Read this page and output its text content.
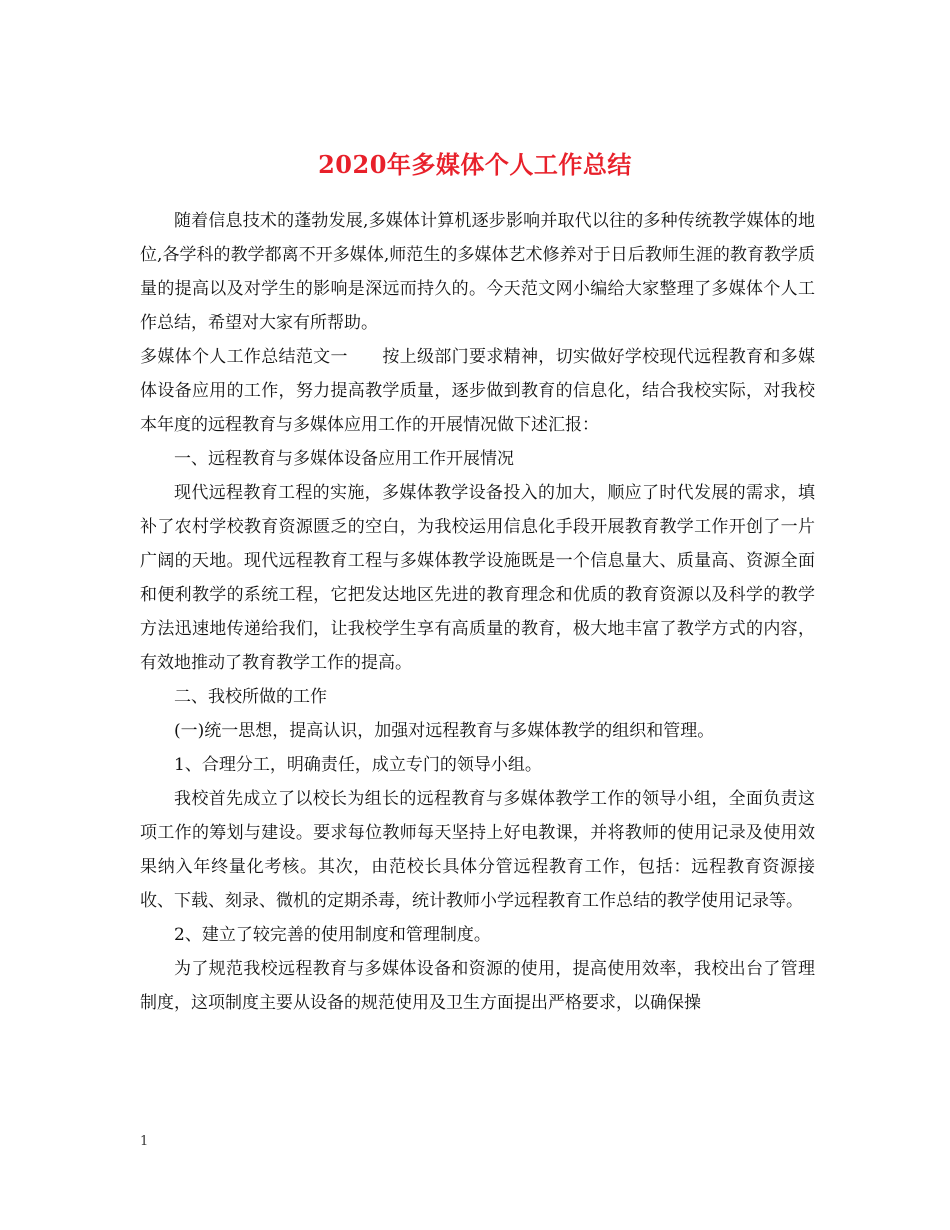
2020年多媒体个人工作总结

随着信息技术的蓬勃发展,多媒体计算机逐步影响并取代以往的多种传统教学媒体的地位,各学科的教学都离不开多媒体,师范生的多媒体艺术修养对于日后教师生涯的教育教学质量的提高以及对学生的影响是深远而持久的。今天范文网小编给大家整理了多媒体个人工作总结，希望对大家有所帮助。

多媒体个人工作总结范文一　　按上级部门要求精神，切实做好学校现代远程教育和多媒体设备应用的工作，努力提高教学质量，逐步做到教育的信息化，结合我校实际，对我校本年度的远程教育与多媒体应用工作的开展情况做下述汇报：

一、远程教育与多媒体设备应用工作开展情况

现代远程教育工程的实施，多媒体教学设备投入的加大，顺应了时代发展的需求，填补了农村学校教育资源匮乏的空白，为我校运用信息化手段开展教育教学工作开创了一片广阔的天地。现代远程教育工程与多媒体教学设施既是一个信息量大、质量高、资源全面和便利教学的系统工程，它把发达地区先进的教育理念和优质的教育资源以及科学的教学方法迅速地传递给我们，让我校学生享有高质量的教育，极大地丰富了教学方式的内容，有效地推动了教育教学工作的提高。

二、我校所做的工作

(一)统一思想，提高认识，加强对远程教育与多媒体教学的组织和管理。

1、合理分工，明确责任，成立专门的领导小组。

我校首先成立了以校长为组长的远程教育与多媒体教学工作的领导小组，全面负责这项工作的筹划与建设。要求每位教师每天坚持上好电教课，并将教师的使用记录及使用效果纳入年终量化考核。其次，由范校长具体分管远程教育工作，包括：远程教育资源接收、下载、刻录、微机的定期杀毒，统计教师小学远程教育工作总结的教学使用记录等。

2、建立了较完善的使用制度和管理制度。

为了规范我校远程教育与多媒体设备和资源的使用，提高使用效率，我校出台了管理制度，这项制度主要从设备的规范使用及卫生方面提出严格要求，以确保操

1
